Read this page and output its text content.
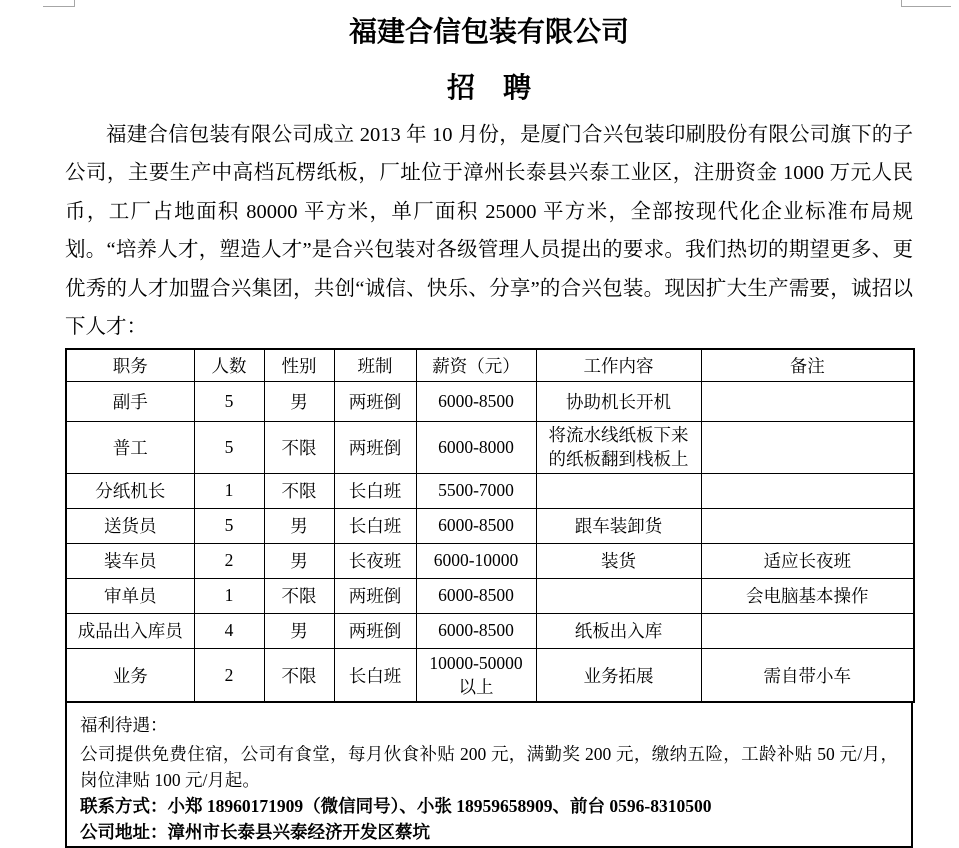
福建合信包装有限公司
招　聘

福建合信包装有限公司成立 2013 年 10 月份，是厦门合兴包装印刷股份有限公司旗下的子公司，主要生产中高档瓦楞纸板，厂址位于漳州长泰县兴泰工业区，注册资金 1000 万元人民币，工厂占地面积 80000 平方米，单厂面积 25000 平方米，全部按现代化企业标准布局规划。“培养人才，塑造人才”是合兴包装对各级管理人员提出的要求。我们热切的期望更多、更优秀的人才加盟合兴集团，共创“诚信、快乐、分享”的合兴包装。现因扩大生产需要，诚招以下人才：

职务	人数	性别	班制	薪资（元）	工作内容	备注
副手	5	男	两班倒	6000-8500	协助机长开机	
普工	5	不限	两班倒	6000-8000	将流水线纸板下来的纸板翻到栈板上	
分纸机长	1	不限	长白班	5500-7000		
送货员	5	男	长白班	6000-8500	跟车装卸货	
装车员	2	男	长夜班	6000-10000	装货	适应长夜班
审单员	1	不限	两班倒	6000-8500		会电脑基本操作
成品出入库员	4	男	两班倒	6000-8500	纸板出入库	
业务	2	不限	长白班	10000-50000以上	业务拓展	需自带小车
福利待遇：
公司提供免费住宿，公司有食堂，每月伙食补贴 200 元，满勤奖 200 元，缴纳五险，工龄补贴 50 元/月，岗位津贴 100 元/月起。
联系方式：小郑 18960171909（微信同号）、小张 18959658909、前台 0596-8310500
公司地址：漳州市长泰县兴泰经济开发区蔡坑
